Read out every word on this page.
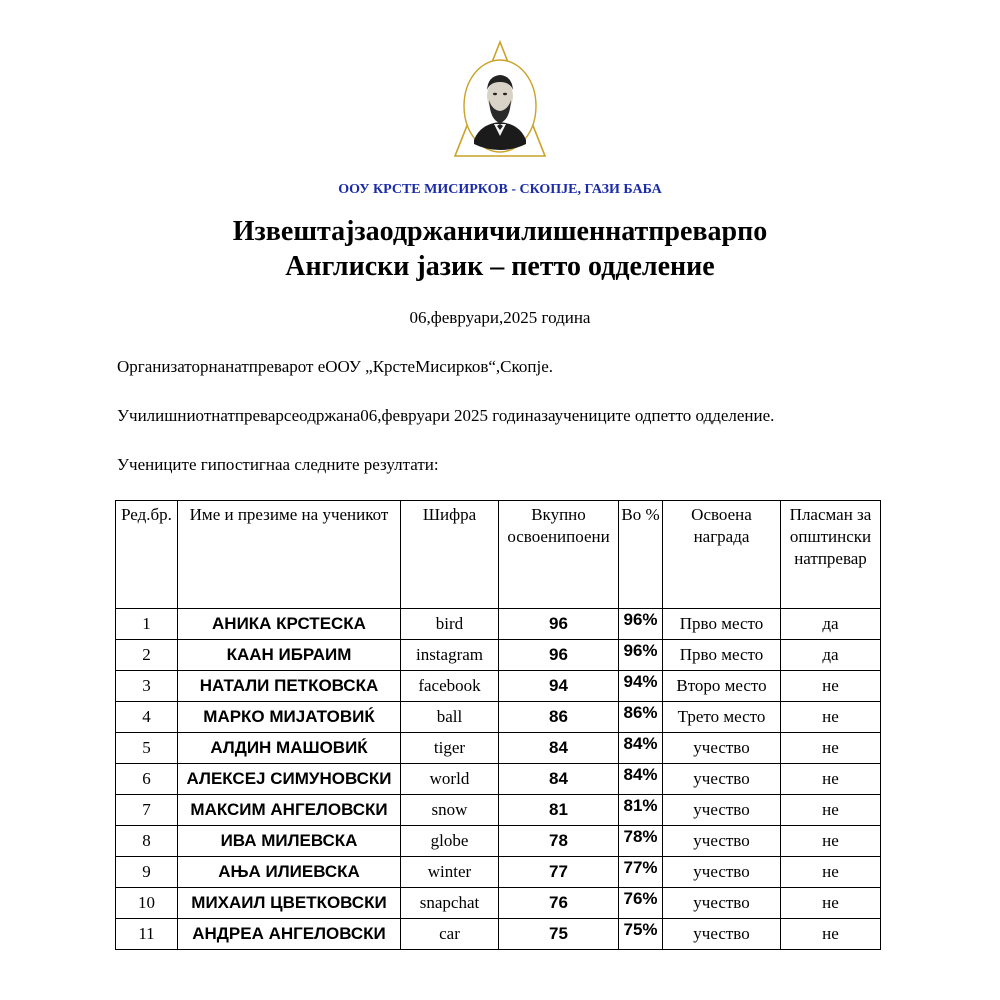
ООУ КРСТЕ МИСИРКОВ - СКОПЈЕ, ГАЗИ БАБА
Извештајзаодржаничилишеннатпреварпо
Англиски јазик – петто одделение
06,февруари,2025 година
Организаторнанатпреварот еООУ „КрстеМисирков“,Скопје.
Училишниотнатпреварсеодржана06,февруари 2025 годиназаучениците одпетто одделение.
Учениците гипостигнаа следните резултати:
Ред.бр.	Име и презиме на ученикот	Шифра	Вкупно освоенипоени	Во %	Освоена награда	Пласман за општински натпревар
1	АНИКА КРСТЕСКА	bird	96	96%	Прво место	да
2	КААН ИБРАИМ	instagram	96	96%	Прво место	да
3	НАТАЛИ ПЕТКОВСКА	facebook	94	94%	Второ место	не
4	МАРКО МИЈАТОВИЌ	ball	86	86%	Трето место	не
5	АЛДИН МАШОВИЌ	tiger	84	84%	учество	не
6	АЛЕКСЕЈ СИМУНОВСКИ	world	84	84%	учество	не
7	МАКСИМ АНГЕЛОВСКИ	snow	81	81%	учество	не
8	ИВА МИЛЕВСКА	globe	78	78%	учество	не
9	АЊА ИЛИЕВСКА	winter	77	77%	учество	не
10	МИХАИЛ ЦВЕТКОВСКИ	snapchat	76	76%	учество	не
11	АНДРЕА АНГЕЛОВСКИ	car	75	75%	учество	не
